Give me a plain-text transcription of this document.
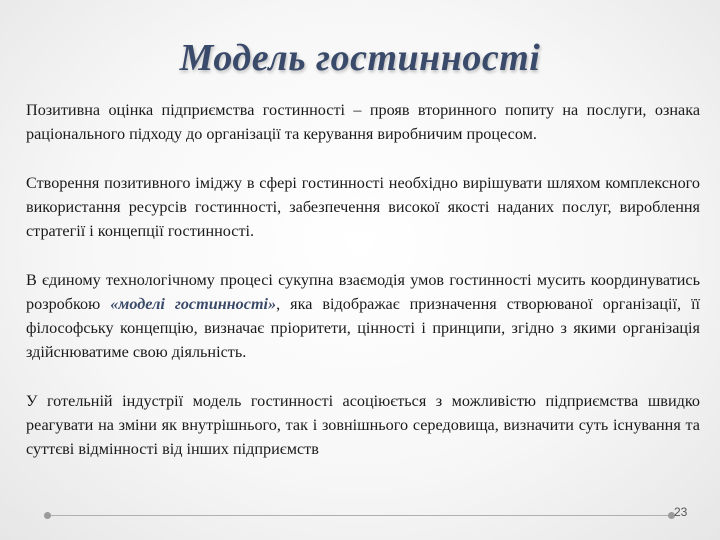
Модель гостинності

Позитивна оцінка підприємства гостинності – прояв вторинного попиту на послуги, ознака раціонального підходу до організації та керування виробничим процесом.

Створення позитивного іміджу в сфері гостинності необхідно вирішувати шляхом комплексного використання ресурсів гостинності, забезпечення високої якості наданих послуг, вироблення стратегії і концепції гостинності.

В єдиному технологічному процесі сукупна взаємодія умов гостинності мусить координуватись розробкою «моделі гостинності», яка відображає призначення створюваної організації, її філософську концепцію, визначає пріоритети, цінності і принципи, згідно з якими організація здійснюватиме свою діяльність.

У готельній індустрії модель гостинності асоціюється з можливістю підприємства швидко реагувати на зміни як внутрішнього, так і зовнішнього середовища, визначити суть існування та суттєві відмінності від інших підприємств

23
